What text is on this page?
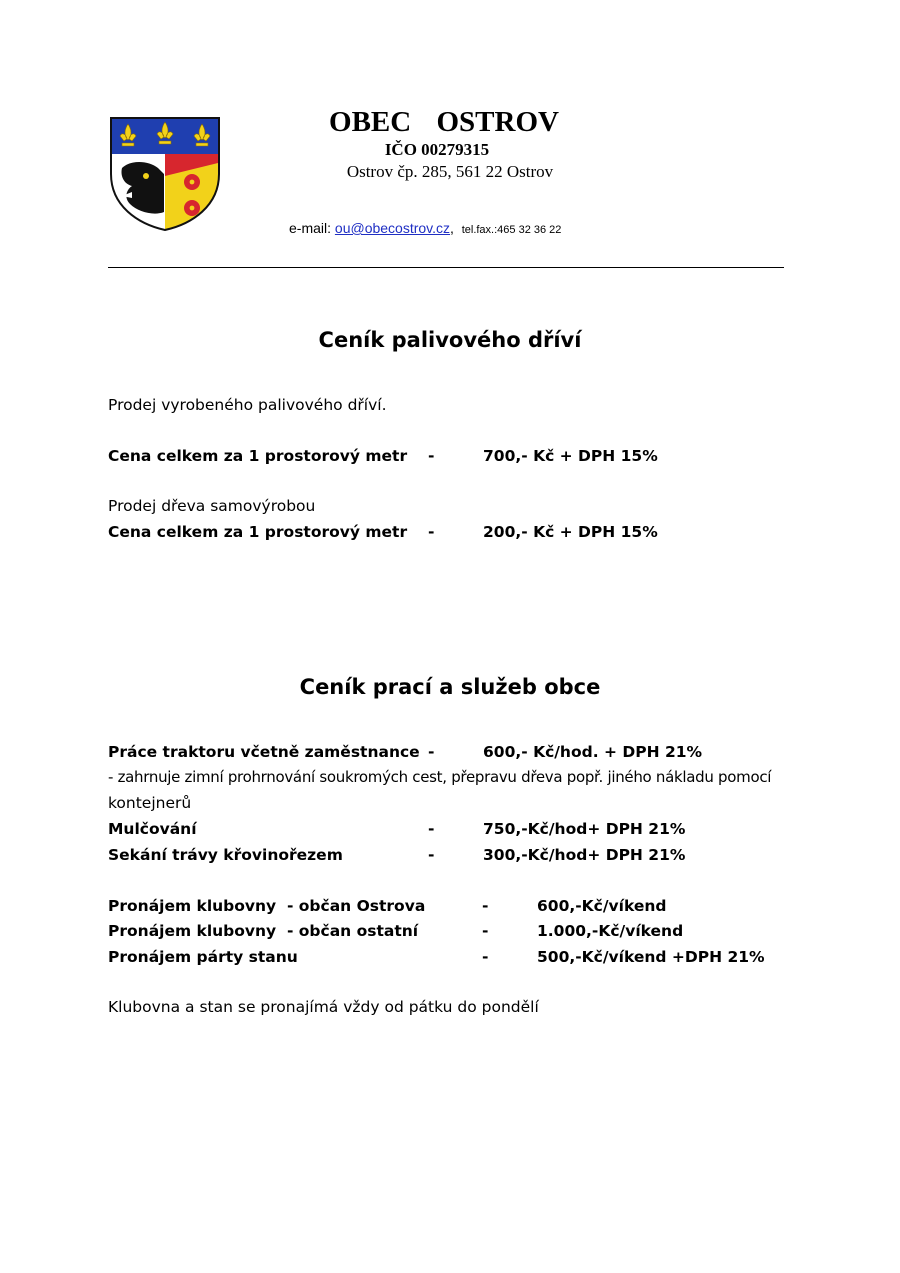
OBEC OSTROV
IČO 00279315
Ostrov čp. 285, 561 22 Ostrov
e-mail: ou@obecostrov.cz, tel.fax.:465 32 36 22
Ceník palivového dříví
Prodej vyrobeného palivového dříví.
Cena celkem za 1 prostorový metr -	700,- Kč + DPH 15%
Prodej dřeva samovýrobou
Cena celkem za 1 prostorový metr -	200,- Kč + DPH 15%
Ceník prací a služeb obce
Práce traktoru včetně zaměstnance -	600,- Kč/hod. + DPH 21%
- zahrnuje zimní prohrnování soukromých cest, přepravu dřeva popř. jiného nákladu pomocí
kontejnerů
Mulčování	-	750,-Kč/hod+ DPH 21%
Sekání trávy křovinořezem	-	300,-Kč/hod+ DPH 21%
Pronájem klubovny  - občan Ostrova	-	600,-Kč/víkend
Pronájem klubovny  - občan ostatní	-	1.000,-Kč/víkend
Pronájem párty stanu	-	500,-Kč/víkend +DPH 21%
Klubovna a stan se pronajímá vždy od pátku do pondělí
